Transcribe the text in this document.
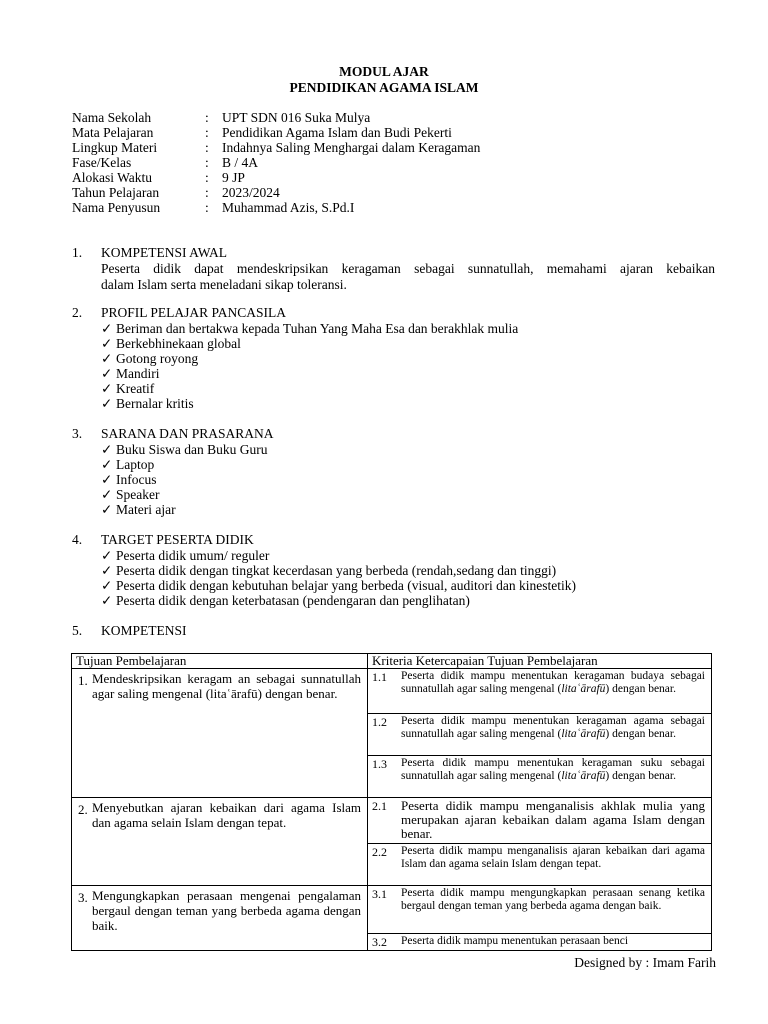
MODUL AJAR
PENDIDIKAN AGAMA ISLAM
Nama Sekolah	: UPT SDN 016 Suka Mulya
Mata Pelajaran	: Pendidikan Agama Islam dan Budi Pekerti
Lingkup Materi	: Indahnya Saling Menghargai dalam Keragaman
Fase/Kelas	: B / 4A
Alokasi Waktu	: 9 JP
Tahun Pelajaran	: 2023/2024
Nama Penyusun	: Muhammad Azis, S.Pd.I
1. KOMPETENSI AWAL
Peserta didik dapat mendeskripsikan keragaman sebagai sunnatullah, memahami ajaran kebaikan
dalam Islam serta meneladani sikap toleransi.
2. PROFIL PELAJAR PANCASILA
✓ Beriman dan bertakwa kepada Tuhan Yang Maha Esa dan berakhlak mulia
✓ Berkebhinekaan global
✓ Gotong royong
✓ Mandiri
✓ Kreatif
✓ Bernalar kritis
3. SARANA DAN PRASARANA
✓ Buku Siswa dan Buku Guru
✓ Laptop
✓ Infocus
✓ Speaker
✓ Materi ajar
4. TARGET PESERTA DIDIK
✓ Peserta didik umum/ reguler
✓ Peserta didik dengan tingkat kecerdasan yang berbeda (rendah,sedang dan tinggi)
✓ Peserta didik dengan kebutuhan belajar yang berbeda (visual, auditori dan kinestetik)
✓ Peserta didik dengan keterbatasan (pendengaran dan penglihatan)
5. KOMPETENSI
Tujuan Pembelajaran	Kriteria Ketercapaian Tujuan Pembelajaran

1. Mendeskripsikan keragam an sebagai sunnatullah agar saling mengenal (litaʿārafū) dengan benar.	1.1 Peserta didik mampu menentukan keragaman budaya sebagai sunnatullah agar saling mengenal (litaʿārafū) dengan benar.

	1.2 Peserta didik mampu menentukan keragaman agama sebagai sunnatullah agar saling mengenal (litaʿārafū) dengan benar.

	1.3 Peserta didik mampu menentukan keragaman suku sebagai sunnatullah agar saling mengenal (litaʿārafū) dengan benar.

2. Menyebutkan ajaran kebaikan dari agama Islam dan agama selain Islam dengan tepat.	2.1 Peserta didik mampu menganalisis akhlak mulia yang merupakan ajaran kebaikan dalam agama Islam dengan benar.

	2.2 Peserta didik mampu menganalisis ajaran kebaikan dari agama Islam dan agama selain Islam dengan tepat.

3. Mengungkapkan perasaan mengenai pengalaman bergaul dengan teman yang berbeda agama dengan baik.	3.1 Peserta didik mampu mengungkapkan perasaan senang ketika bergaul dengan teman yang berbeda agama dengan baik.

	3.2 Peserta didik mampu menentukan perasaan benci
Designed by : Imam Farih
